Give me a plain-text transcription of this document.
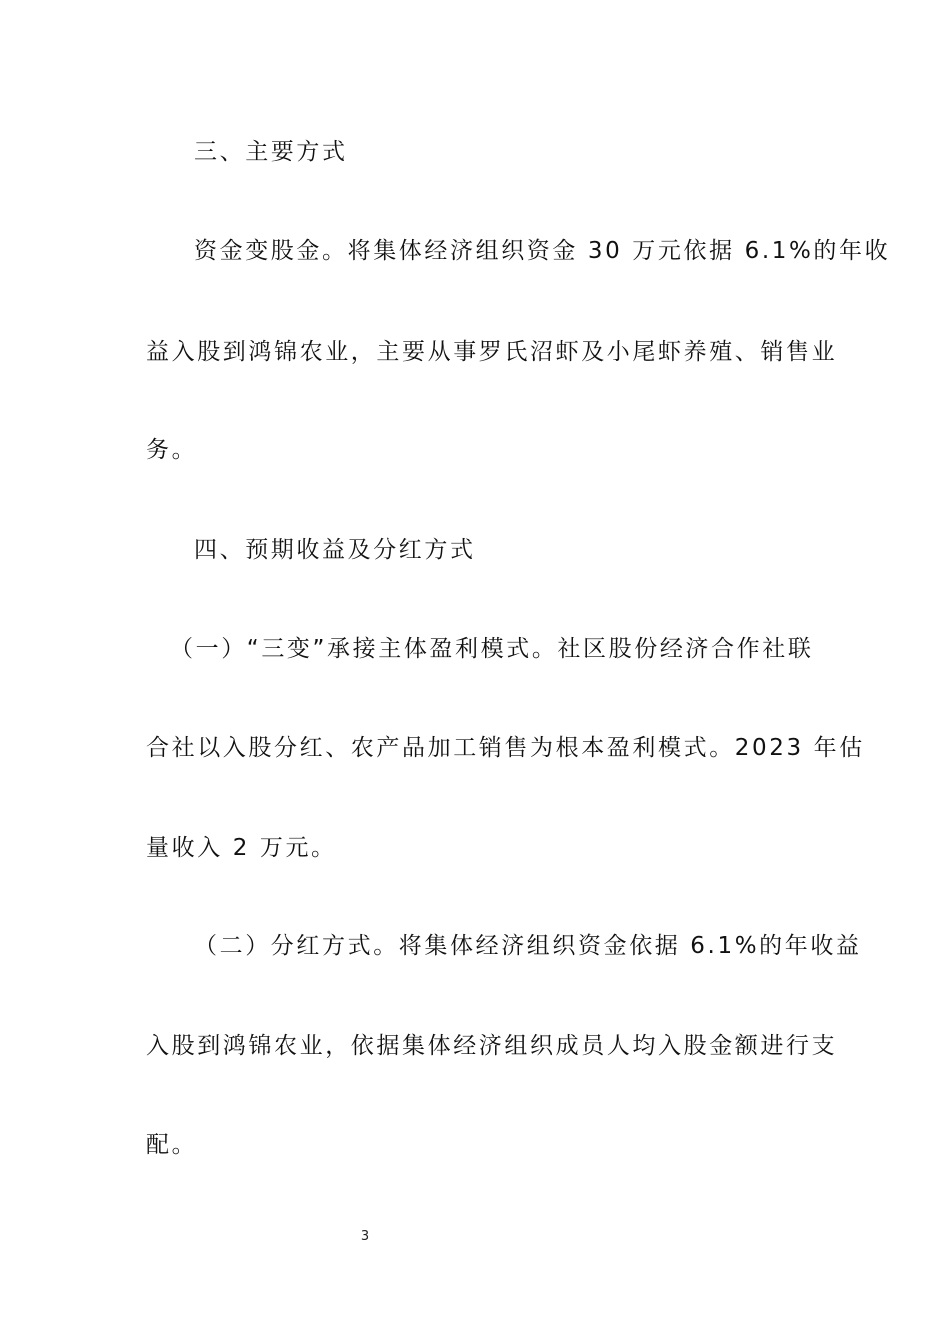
三、主要方式
资金变股金。将集体经济组织资金 30 万元依据 6.1%的年收
益入股到鸿锦农业，主要从事罗氏沼虾及小尾虾养殖、销售业
务。
四、预期收益及分红方式
（一）“三变”承接主体盈利模式。社区股份经济合作社联
合社以入股分红、农产品加工销售为根本盈利模式。2023 年估
量收入 2 万元。
（二）分红方式。将集体经济组织资金依据 6.1%的年收益
入股到鸿锦农业，依据集体经济组织成员人均入股金额进行支
配。
3
